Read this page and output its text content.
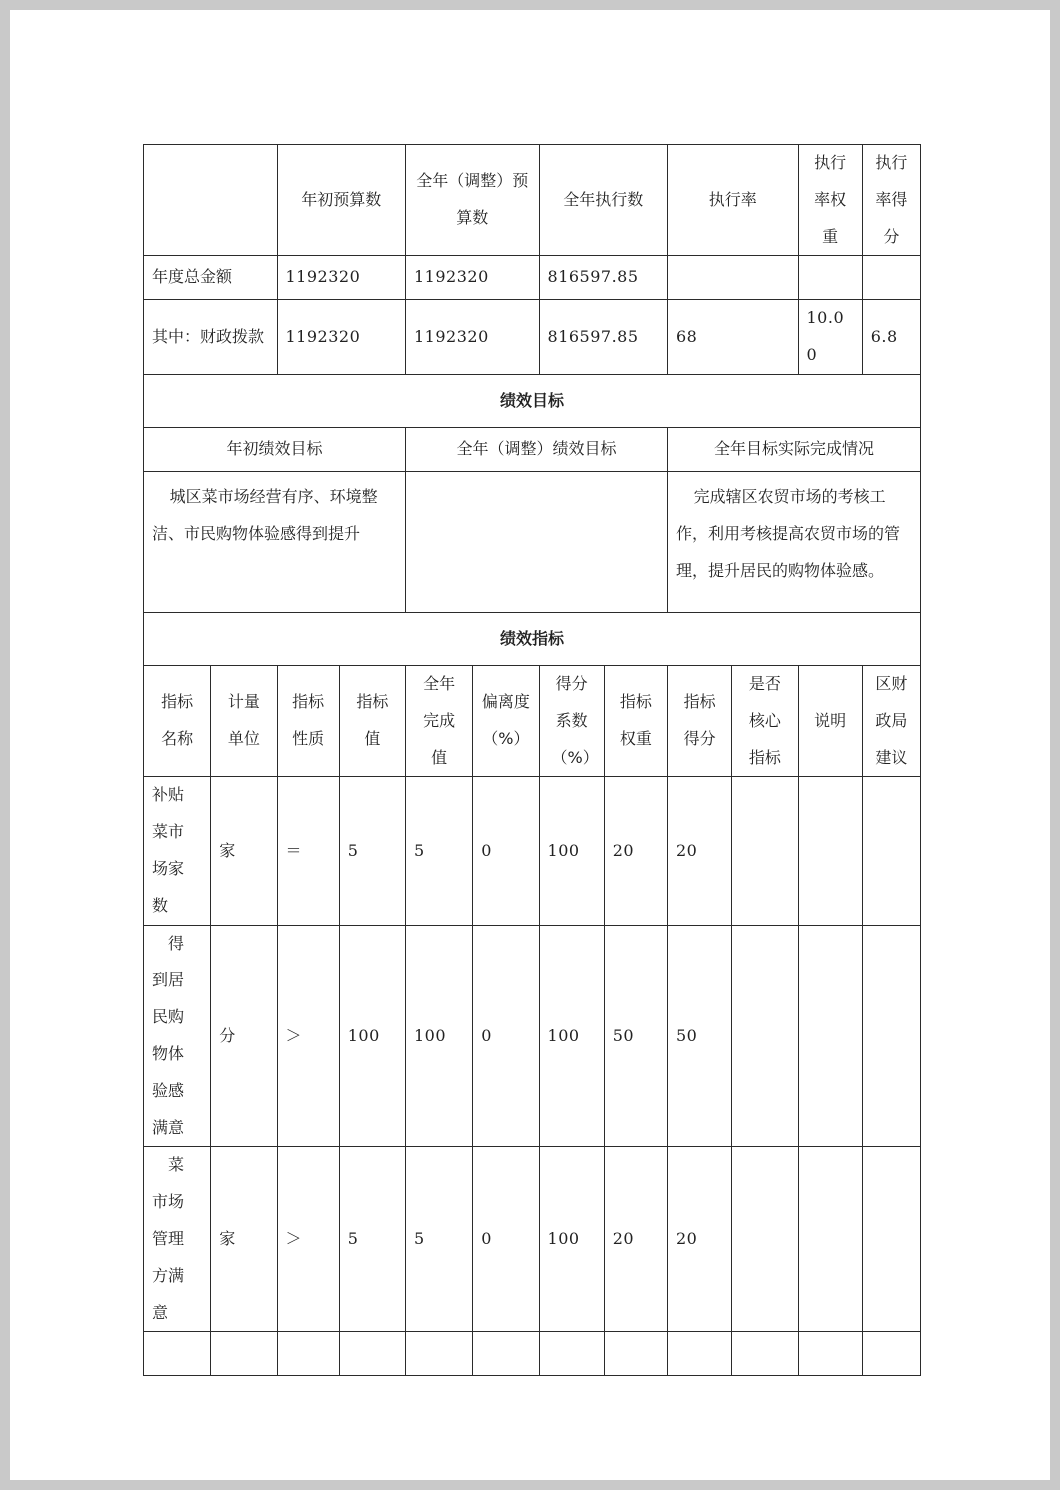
		年初预算数		全年（调整）预算数		全年执行数		执行率		执行率权重	执行率得分
年度总金额		1192320		1192320		816597.85					
其中：财政拨款		1192320		1192320		816597.85		68		10.00	6.8
绩效目标											
年初绩效目标				全年（调整）绩效目标				全年目标实际完成情况			
城区菜市场经营有序、环境整洁、市民购物体验感得到提升								完成辖区农贸市场的考核工作，利用考核提高农贸市场的管理，提升居民的购物体验感。			
绩效指标											
指标名称	计量单位	指标性质	指标值	全年完成值	偏离度（%）	得分系数（%）	指标权重	指标得分	是否核心指标	说明	区财政局建议
补贴菜市场家数	家	＝	5	5	0	100	20	20			
得到居民购物体验感满意	分	＞	100	100	0	100	50	50			
菜市场管理方满意	家	＞	5	5	0	100	20	20			
